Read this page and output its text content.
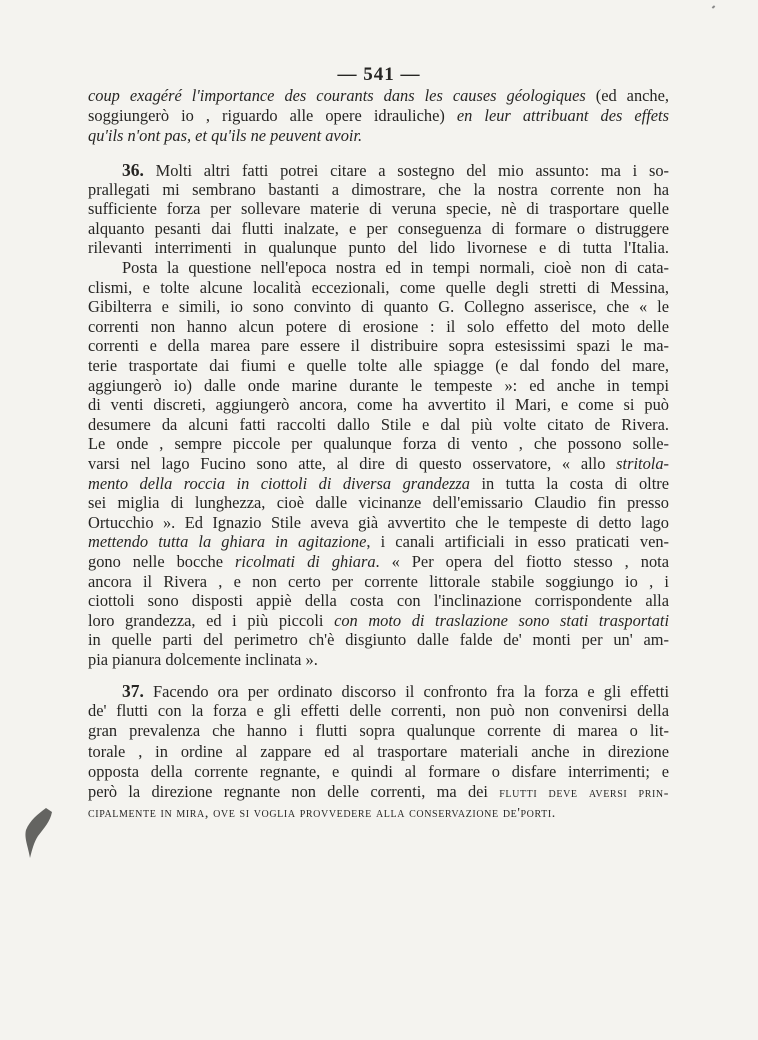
— 541 —
coup exagéré l'importance des courants dans les causes géologiques (ed anche,
soggiungerò io , riguardo alle opere idrauliche) en leur attribuant des effets
qu'ils n'ont pas, et qu'ils ne peuvent avoir.
36. Molti altri fatti potrei citare a sostegno del mio assunto: ma i so-
prallegati mi sembrano bastanti a dimostrare, che la nostra corrente non ha
sufficiente forza per sollevare materie di veruna specie, nè di trasportare quelle
alquanto pesanti dai flutti inalzate, e per conseguenza di formare o distruggere
rilevanti interrimenti in qualunque punto del lido livornese e di tutta l'Italia.
Posta la questione nell'epoca nostra ed in tempi normali, cioè non di cata-
clismi, e tolte alcune località eccezionali, come quelle degli stretti di Messina,
Gibilterra e simili, io sono convinto di quanto G. Collegno asserisce, che « le
correnti non hanno alcun potere di erosione : il solo effetto del moto delle
correnti e della marea pare essere il distribuire sopra estesissimi spazi le ma-
terie trasportate dai fiumi e quelle tolte alle spiagge (e dal fondo del mare,
aggiungerò io) dalle onde marine durante le tempeste »: ed anche in tempi
di venti discreti, aggiungerò ancora, come ha avvertito il Mari, e come si può
desumere da alcuni fatti raccolti dallo Stile e dal più volte citato de Rivera.
Le onde , sempre piccole per qualunque forza di vento , che possono solle-
varsi nel lago Fucino sono atte, al dire di questo osservatore, « allo stritola-
mento della roccia in ciottoli di diversa grandezza in tutta la costa di oltre
sei miglia di lunghezza, cioè dalle vicinanze dell'emissario Claudio fin presso
Ortucchio ». Ed Ignazio Stile aveva già avvertito che le tempeste di detto lago
mettendo tutta la ghiara in agitazione, i canali artificiali in esso praticati ven-
gono nelle bocche ricolmati di ghiara. « Per opera del fiotto stesso , nota
ancora il Rivera , e non certo per corrente littorale stabile soggiungo io , i
ciottoli sono disposti appiè della costa con l'inclinazione corrispondente alla
loro grandezza, ed i più piccoli con moto di traslazione sono stati trasportati
in quelle parti del perimetro ch'è disgiunto dalle falde de' monti per un' am-
pia pianura dolcemente inclinata ».
37. Facendo ora per ordinato discorso il confronto fra la forza e gli effetti
de' flutti con la forza e gli effetti delle correnti, non può non convenirsi della
gran prevalenza che hanno i flutti sopra qualunque corrente di marea o lit-
torale , in ordine al zappare ed al trasportare materiali anche in direzione
opposta della corrente regnante, e quindi al formare o disfare interrimenti; e
però la direzione regnante non delle correnti, ma dei flutti deve aversi prin-
cipalmente in mira, ove si voglia provvedere alla conservazione de'porti.
